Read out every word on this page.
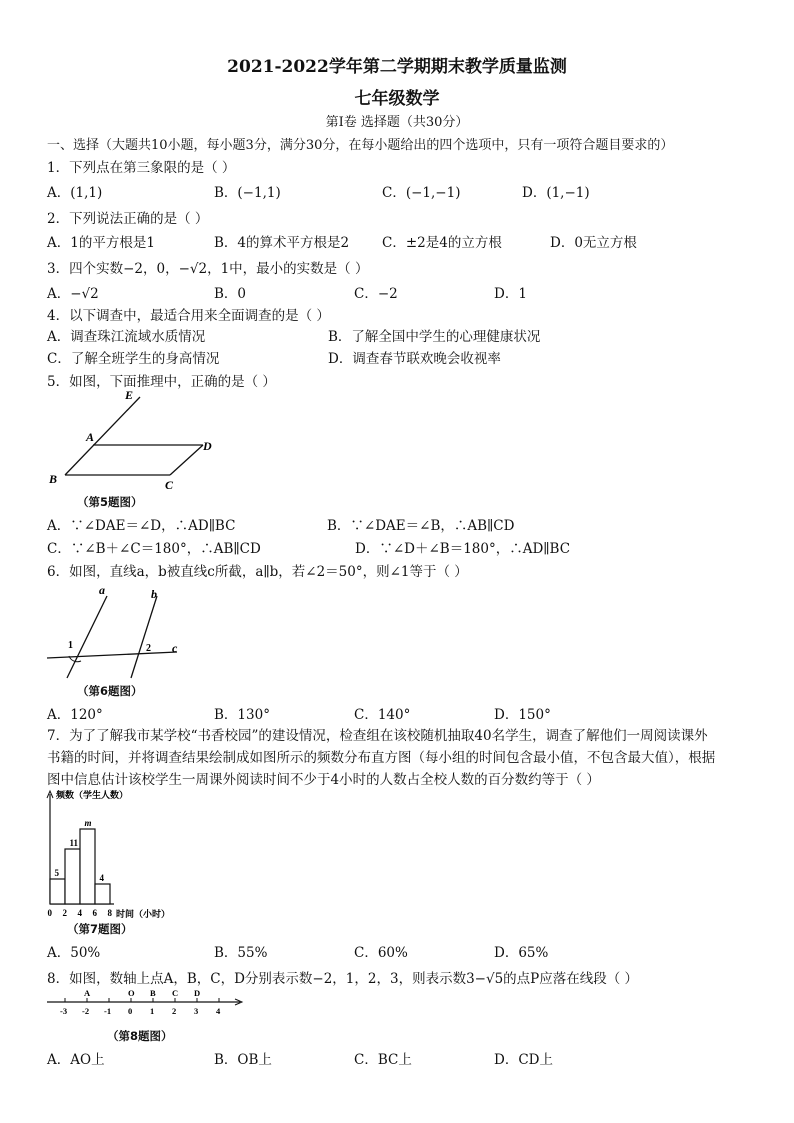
2021-2022学年第二学期期末教学质量监测
七年级数学
第Ⅰ卷 选择题（共30分）
一、选择（大题共10小题，每小题3分，满分30分，在每小题给出的四个选项中，只有一项符合题目要求的）
1．下列点在第三象限的是（ ）
A．(1,1)	B．(−1,1)	C．(−1,−1)	D．(1,−1)
2．下列说法正确的是（ ）
A．1的平方根是1	B．4的算术平方根是2 C．±2是4的立方根	D．0无立方根
3．四个实数−2，0，−√2，1中，最小的实数是（ ）
A．−√2	B．0	C．−2	D．1
4．以下调查中，最适合用来全面调查的是（ ）
A．调查珠江流域水质情况	B．了解全国中学生的心理健康状况
C．了解全班学生的身高情况	D．调查春节联欢晚会收视率
5．如图，下面推理中，正确的是（ ）
E
A
D
B	C
（第5题图）
A．∵∠DAE＝∠D，∴AD∥BC	B．∵∠DAE＝∠B，∴AB∥CD
C．∵∠B＋∠C＝180°，∴AB∥CD	D．∵∠D＋∠B＝180°，∴AD∥BC
6．如图，直线a，b被直线c所截，a∥b，若∠2＝50°，则∠1等于（ ）
a	b
1	2 c
（第6题图）
A．120°	B．130°	C．140°	D．150°
7．为了了解我市某学校“书香校园”的建设情况，检查组在该校随机抽取40名学生，调查了解他们一周阅读课外
书籍的时间，并将调查结果绘制成如图所示的频数分布直方图（每小组的时间包含最小值，不包含最大值），根据
图中信息估计该校学生一周课外阅读时间不少于4小时的人数占全校人数的百分数约等于（ ）
频数（学生人数）
时间（小时）
5
11
m
4
0 2 4 6 8
（第7题图）
A．50%	B．55%	C．60%	D．65%
8．如图，数轴上点A，B，C，D分别表示数−2，1，2，3，则表示数3−√5的点P应落在线段（ ）
-3 -2 -1 0 1 2 3 4
A	O B C D
（第8题图）
A．AO上	B．OB上	C．BC上	D．CD上
